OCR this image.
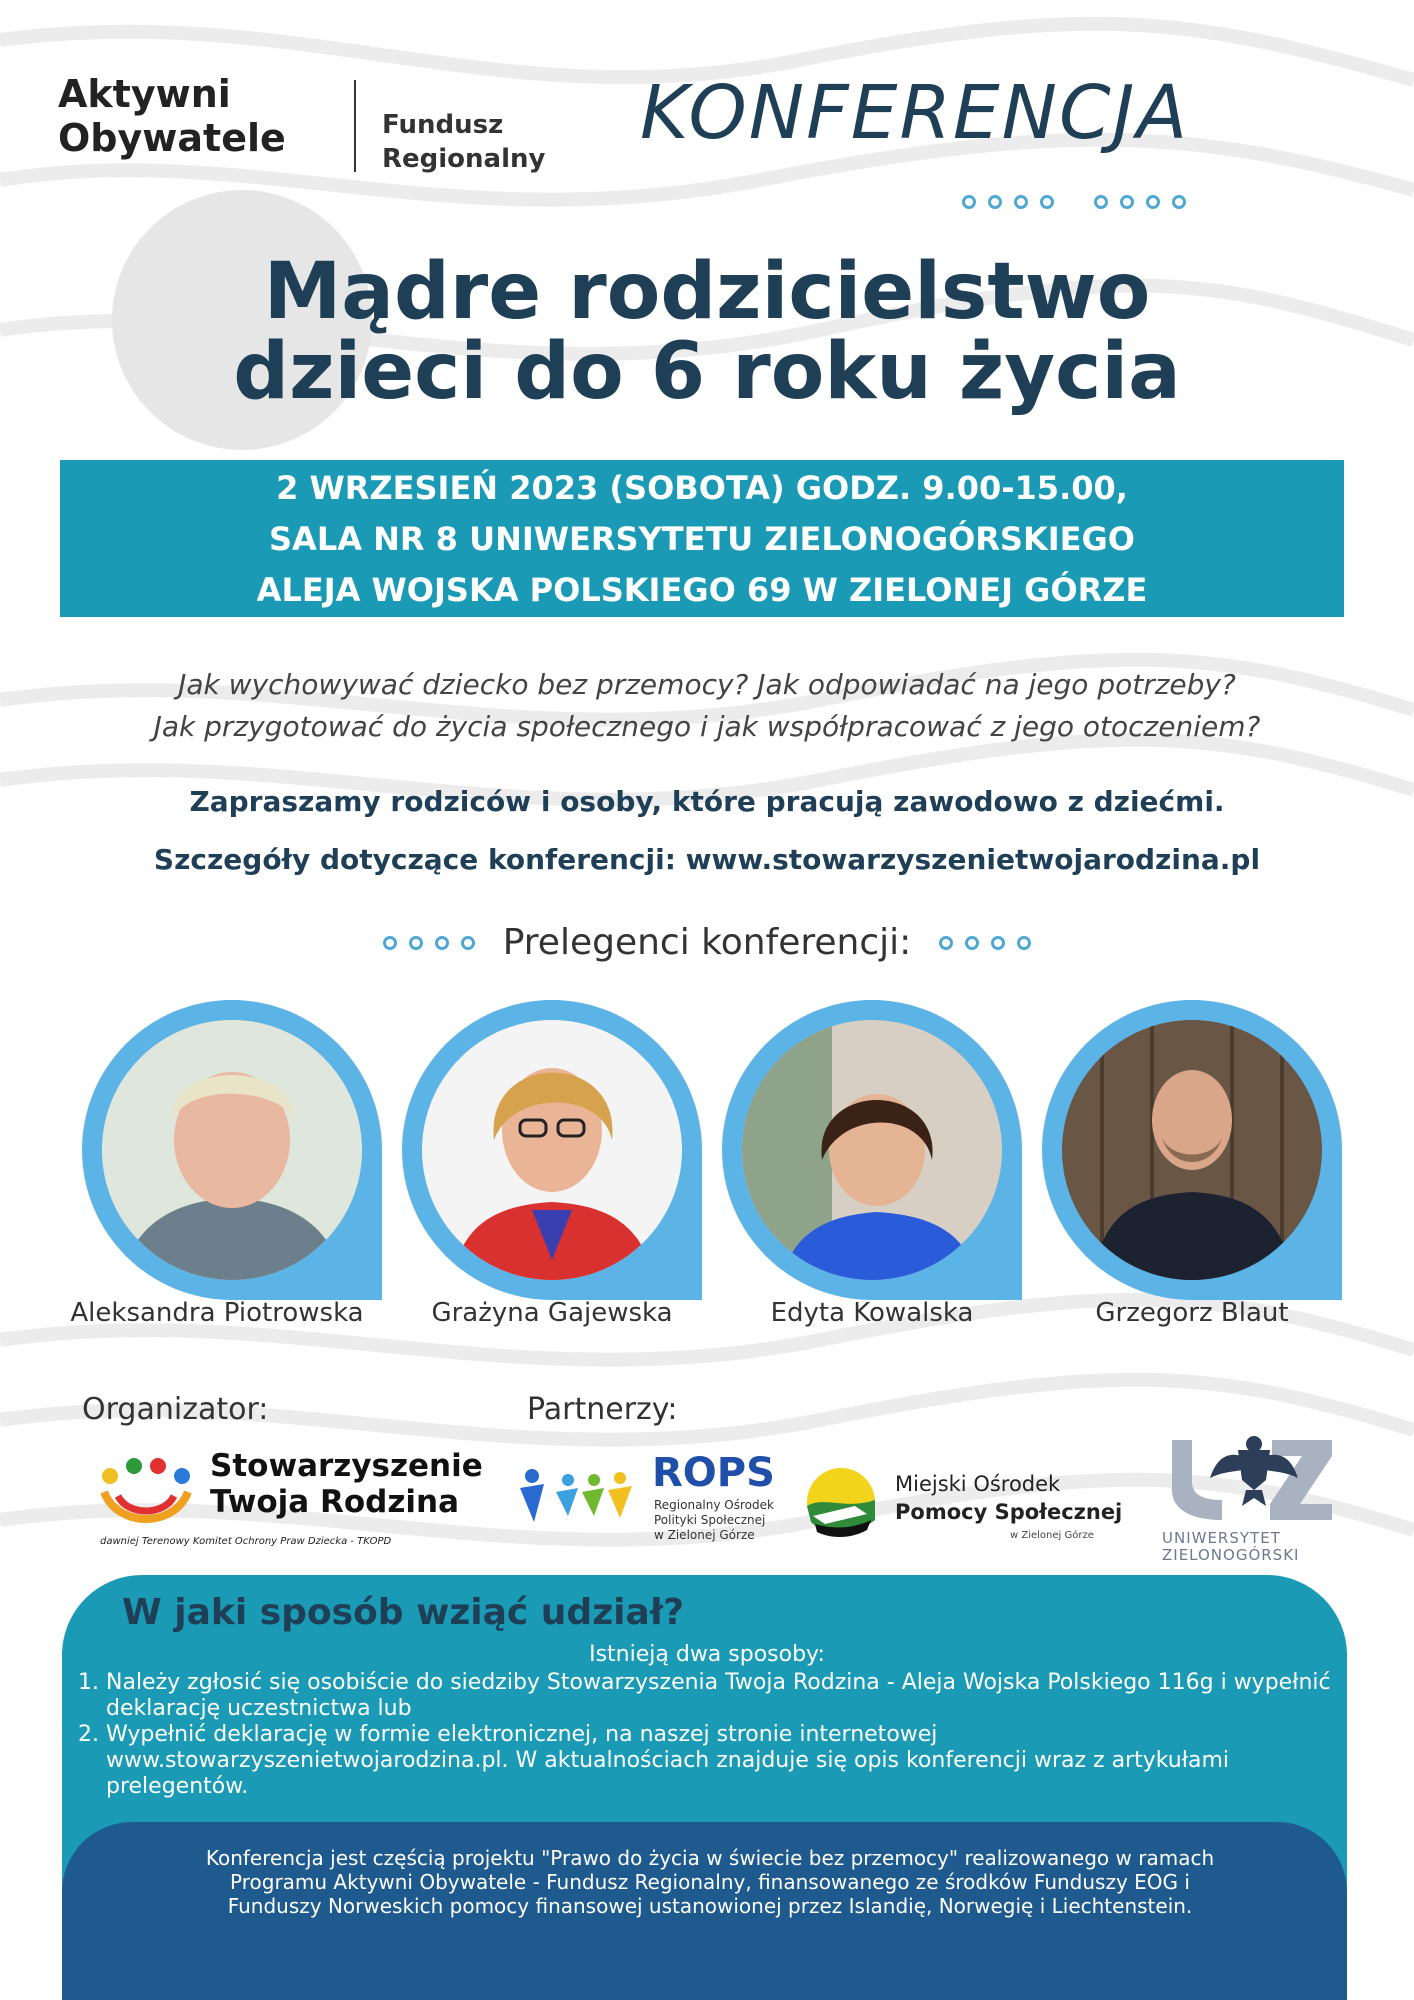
Aktywni
Obywatele	Fundusz
Regionalny
KONFERENCJA
Mądre rodzicielstwo
dzieci do 6 roku życia
2 WRZESIEŃ 2023 (SOBOTA) GODZ. 9.00-15.00,
SALA NR 8 UNIWERSYTETU ZIELONOGÓRSKIEGO
ALEJA WOJSKA POLSKIEGO 69 W ZIELONEJ GÓRZE
Jak wychowywać dziecko bez przemocy? Jak odpowiadać na jego potrzeby?
Jak przygotować do życia społecznego i jak współpracować z jego otoczeniem?
Zapraszamy rodziców i osoby, które pracują zawodowo z dziećmi.
Szczegóły dotyczące konferencji: www.stowarzyszenietwojarodzina.pl
Prelegenci konferencji:
Aleksandra Piotrowska	Grażyna Gajewska	Edyta Kowalska	Grzegorz Blaut
Organizator:	Partnerzy:
Stowarzyszenie
Twoja Rodzina
dawniej Terenowy Komitet Ochrony Praw Dziecka - TKOPD
ROPS
Regionalny Ośrodek
Polityki Społecznej
w Zielonej Górze
Miejski Ośrodek
Pomocy Społecznej
w Zielonej Górze	UNIWERSYTET
ZIELONOGÓRSKI
W jaki sposób wziąć udział?
Istnieją dwa sposoby:
1. Należy zgłosić się osobiście do siedziby Stowarzyszenia Twoja Rodzina - Aleja Wojska Polskiego 116g i wypełnić deklarację uczestnictwa lub
2. Wypełnić deklarację w formie elektronicznej, na naszej stronie internetowej www.stowarzyszenietwojarodzina.pl. W aktualnościach znajduje się opis konferencji wraz z artykułami prelegentów.
Konferencja jest częścią projektu "Prawo do życia w świecie bez przemocy" realizowanego w ramach
Programu Aktywni Obywatele - Fundusz Regionalny, finansowanego ze środków Funduszy EOG i
Funduszy Norweskich pomocy finansowej ustanowionej przez Islandię, Norwegię i Liechtenstein.
